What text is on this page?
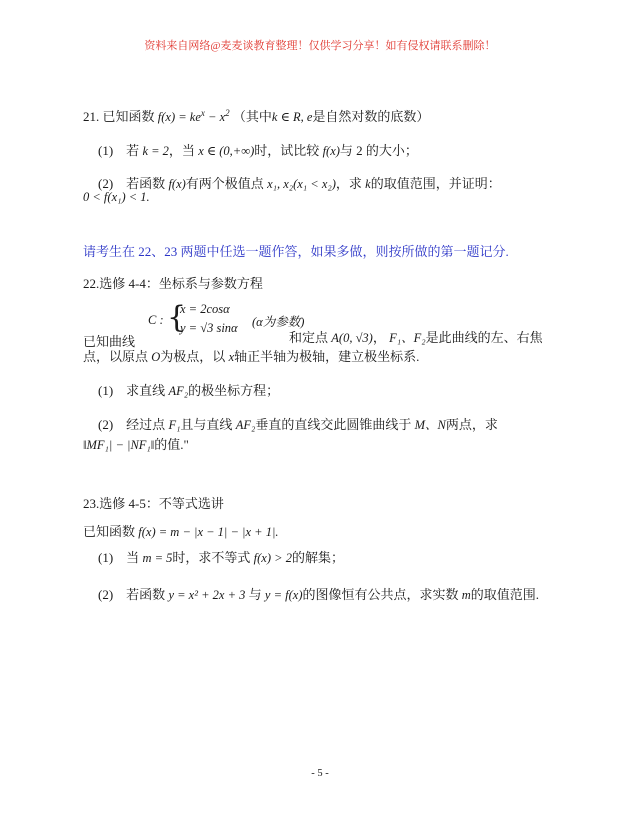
资料来自网络@麦麦谈教育整理！仅供学习分享！如有侵权请联系删除！
21. 已知函数 $f(x) = ke^x - x^2$ （其中k ∈ R, e是自然对数的底数）
(1) 若 k = 2，当 x ∈ (0,+∞)时，试比较 f(x)与 2 的大小；
(2) 若函数 f(x)有两个极值点 x₁, x₂(x₁ < x₂)，求 k的取值范围，并证明：
0 < f(x₁) < 1.
请考生在 22、23 两题中任选一题作答，如果多做，则按所做的第一题记分.
22.选修 4-4：坐标系与参数方程
C : {
x = 2cosα
y = √3 sinα (α为参数)
已知曲线	和定点 A(0, √3)， F₁、F₂是此曲线的左、右焦
点，以原点 O为极点，以 x轴正半轴为极轴，建立极坐标系.
(1) 求直线 AF₂的极坐标方程；
(2) 经过点 F₁且与直线 AF₂垂直的直线交此圆锥曲线于 M、N两点，求
‖MF₁| − |NF₁‖的值."
23.选修 4-5：不等式选讲
已知函数 f(x) = m − |x − 1| − |x + 1|.
(1) 当 m = 5时，求不等式 f(x) > 2的解集；
(2) 若函数 y = x² + 2x + 3 与 y = f(x)的图像恒有公共点，求实数 m的取值范围.
- 5 -
